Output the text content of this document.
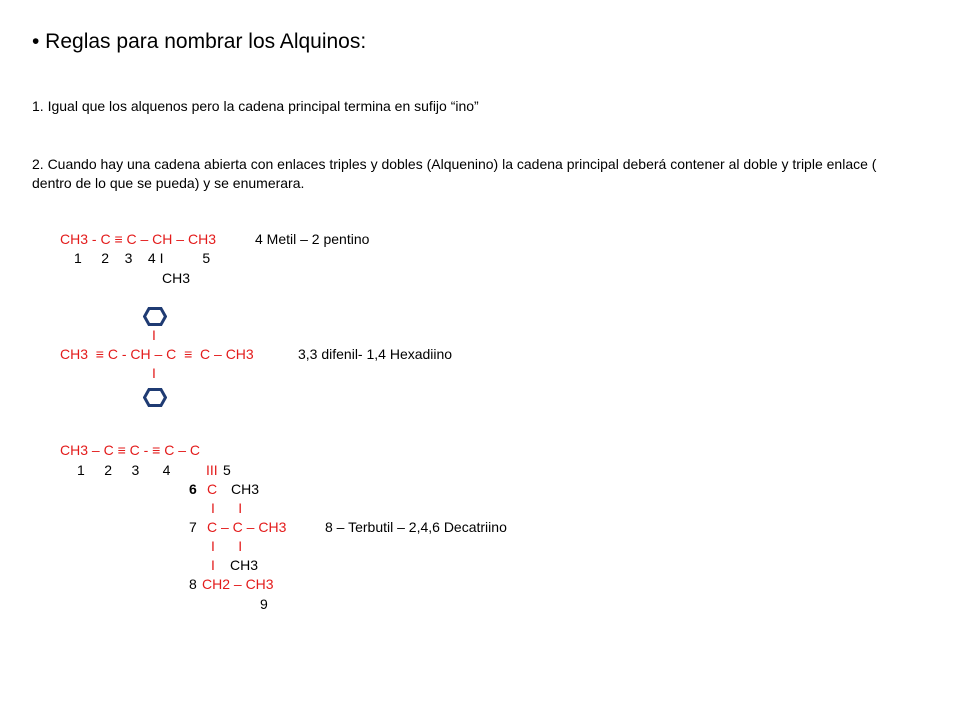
• Reglas para nombrar los Alquinos:
1. Igual que los alquenos pero la cadena principal termina en sufijo “ino”
2. Cuando hay una cadena abierta con enlaces triples y dobles (Alquenino) la cadena principal deberá contener al doble y triple enlace ( dentro de lo que se pueda) y se enumerara.
CH3 - C ≡ C – CH – CH3	4 Metil – 2 pentino
1     2    3    4 I          5
CH3
I
CH3  ≡ C - CH – C  ≡  C – CH3	3,3 difenil- 1,4 Hexadiino
I
CH3 – C ≡ C - ≡ C – C
1     2     3      4	III 5
6 C CH3
I      I
7 C – C – CH3	8 – Terbutil – 2,4,6 Decatriino
I      I
I CH3
8 CH2 – CH3
9
